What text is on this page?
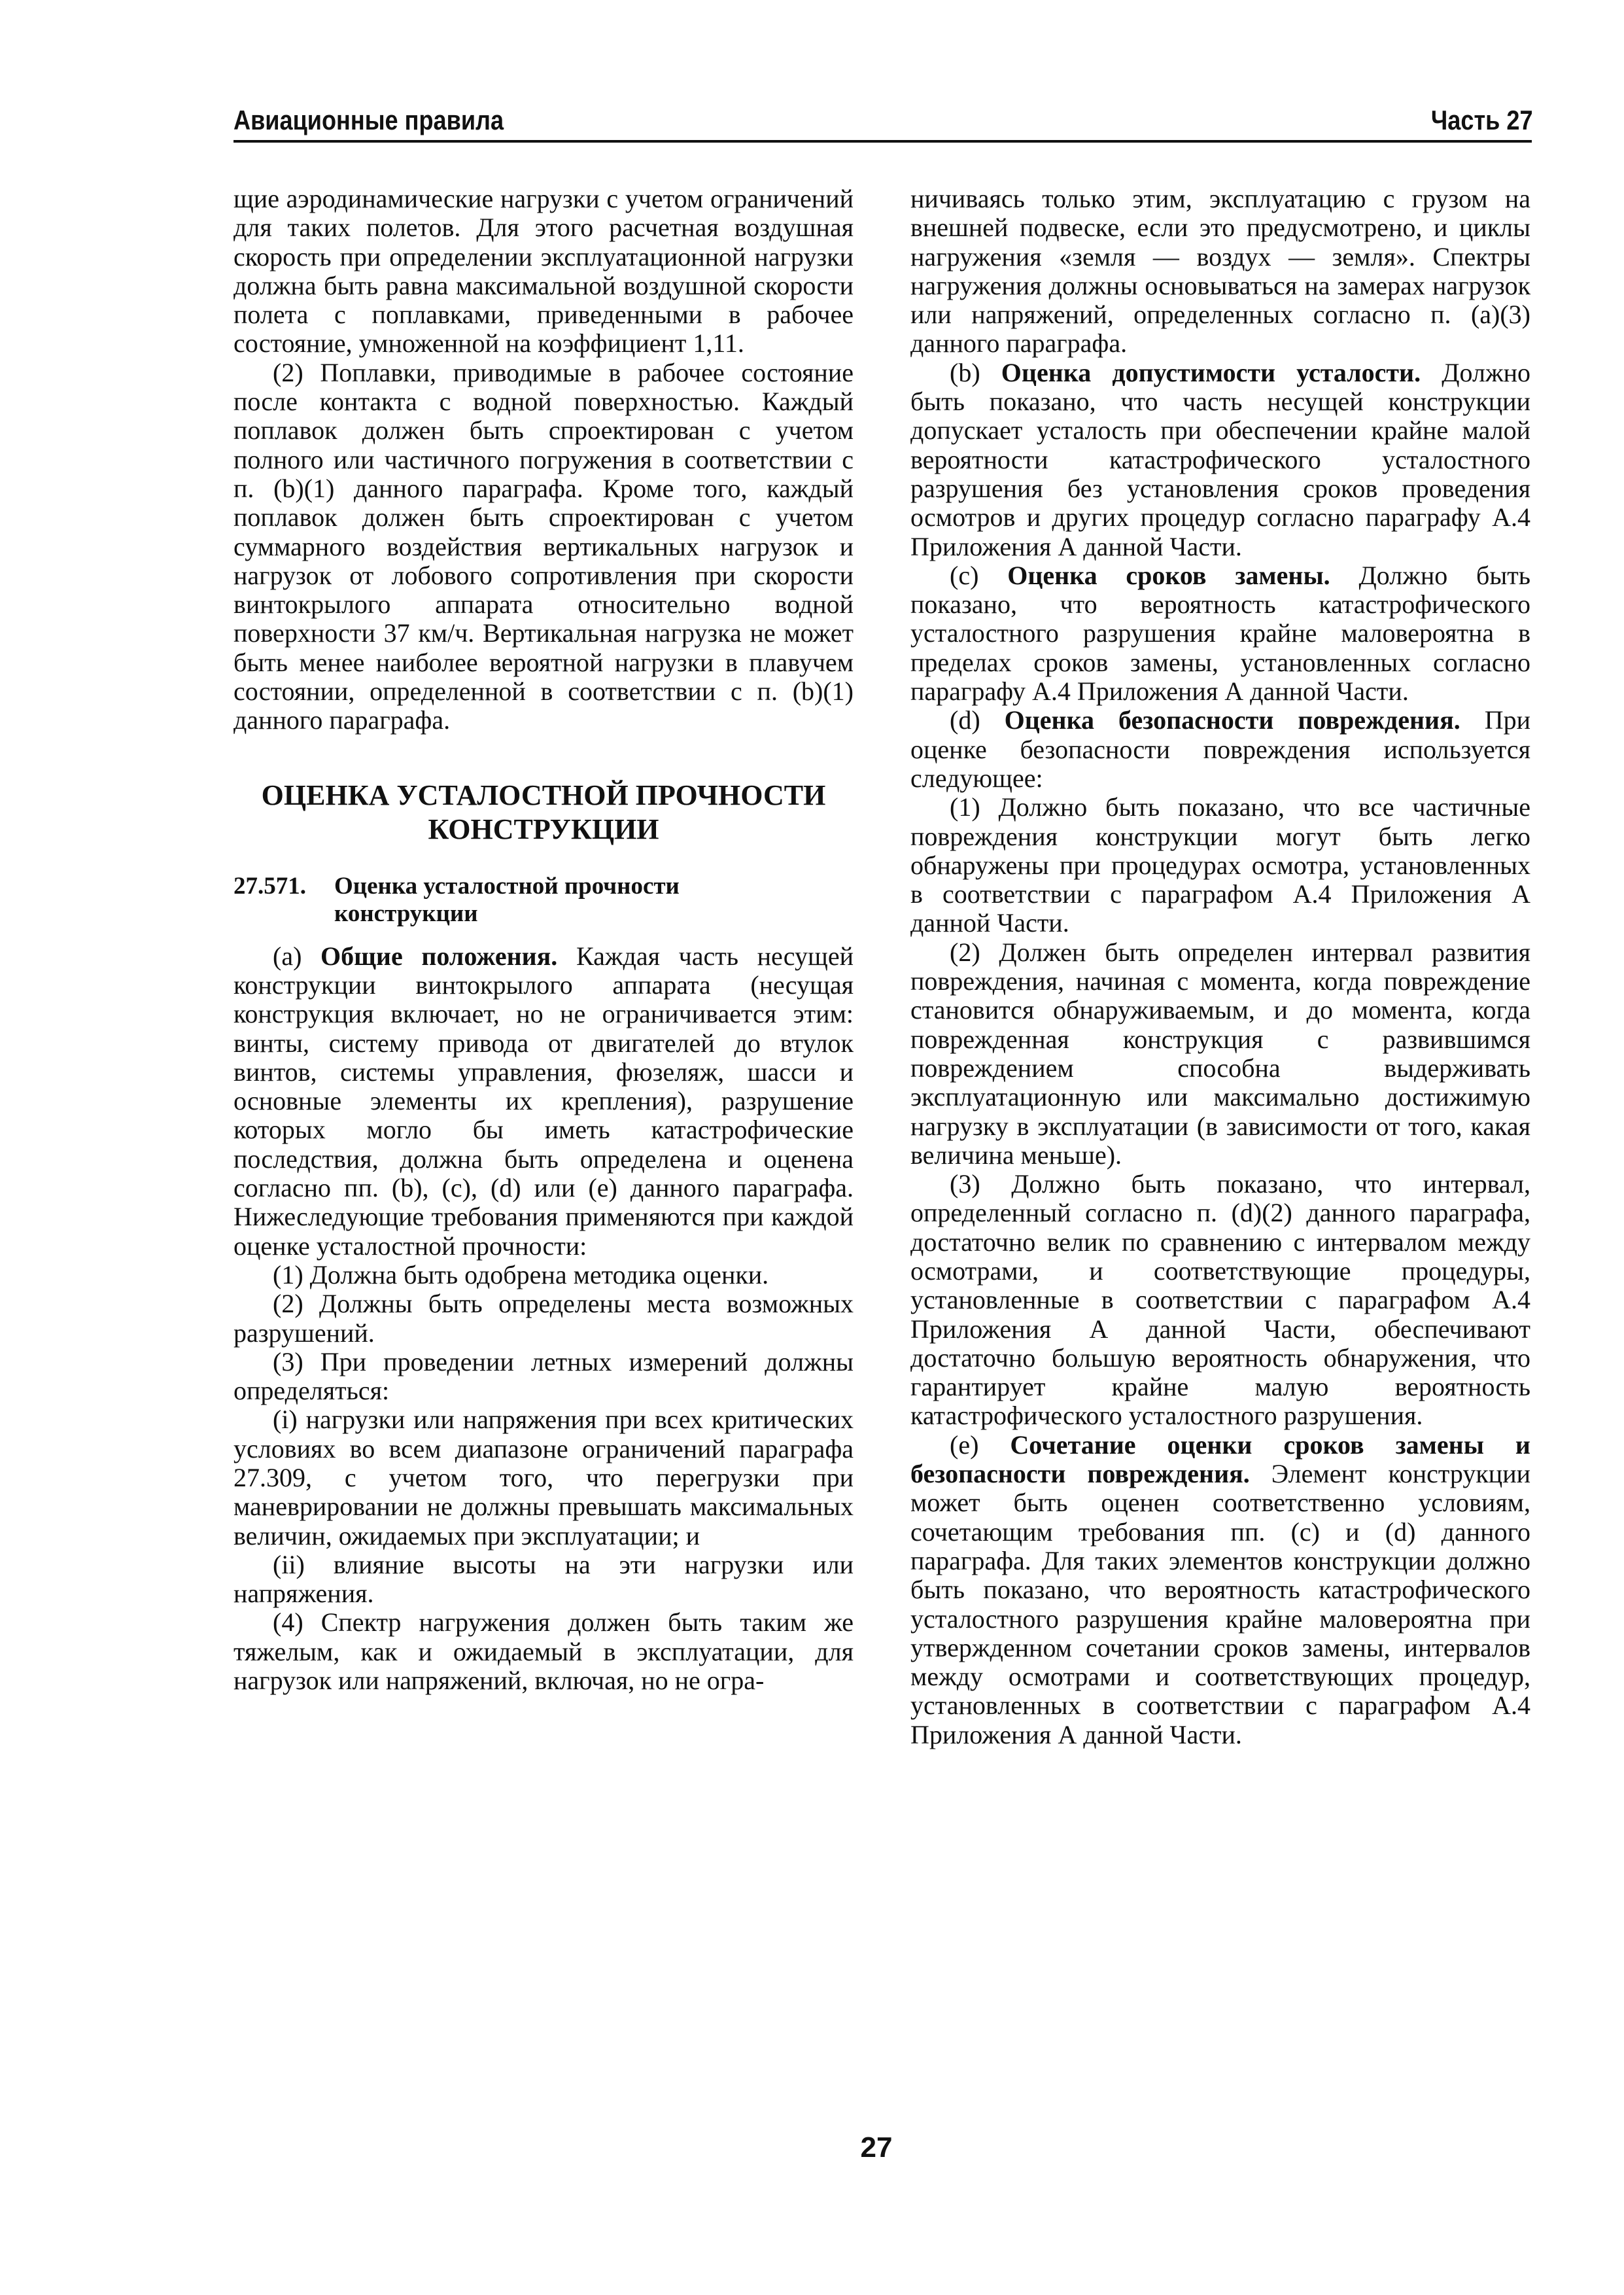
Авиационные правила	Часть 27

щие аэродинамические нагрузки с учетом ограничений для таких полетов. Для этого расчетная воздушная скорость при определении эксплуатационной нагрузки должна быть равна максимальной воздушной скорости полета с поплавками, приведенными в рабочее состояние, умноженной на коэффициент 1,11.

(2) Поплавки, приводимые в рабочее состояние после контакта с водной поверхностью. Каждый поплавок должен быть спроектирован с учетом полного или частичного погружения в соответствии с п. (b)(1) данного параграфа. Кроме того, каждый поплавок должен быть спроектирован с учетом суммарного воздействия вертикальных нагрузок и нагрузок от лобового сопротивления при скорости винтокрылого аппарата относительно водной поверхности 37 км/ч. Вертикальная нагрузка не может быть менее наиболее вероятной нагрузки в плавучем состоянии, определенной в соответствии с п. (b)(1) данного параграфа.

ОЦЕНКА УСТАЛОСТНОЙ ПРОЧНОСТИ
КОНСТРУКЦИИ
27.571.	Оценка усталостной прочности
конструкции

(a) Общие положения. Каждая часть несущей конструкции винтокрылого аппарата (несущая конструкция включает, но не ограничивается этим: винты, систему привода от двигателей до втулок винтов, системы управления, фюзеляж, шасси и основные элементы их крепления), разрушение которых могло бы иметь катастрофические последствия, должна быть определена и оценена согласно пп. (b), (c), (d) или (e) данного параграфа. Нижеследующие требования применяются при каждой оценке усталостной прочности:

(1) Должна быть одобрена методика оценки.

(2) Должны быть определены места возможных разрушений.

(3) При проведении летных измерений должны определяться:

(i) нагрузки или напряжения при всех критических условиях во всем диапазоне ограничений параграфа 27.309, с учетом того, что перегрузки при маневрировании не должны превышать максимальных величин, ожидаемых при эксплуатации; и

(ii) влияние высоты на эти нагрузки или напряжения.

(4) Спектр нагружения должен быть таким же тяжелым, как и ожидаемый в эксплуатации, для нагрузок или напряжений, включая, но не огра-

ничиваясь только этим, эксплуатацию с грузом на внешней подвеске, если это предусмотрено, и циклы нагружения «земля — воздух — земля». Спектры нагружения должны основываться на замерах нагрузок или напряжений, определенных согласно п. (a)(3) данного параграфа.

(b) Оценка допустимости усталости. Должно быть показано, что часть несущей конструкции допускает усталость при обеспечении крайне малой вероятности катастрофического усталостного разрушения без установления сроков проведения осмотров и других процедур согласно параграфу А.4 Приложения А данной Части.

(c) Оценка сроков замены. Должно быть показано, что вероятность катастрофического усталостного разрушения крайне маловероятна в пределах сроков замены, установленных согласно параграфу А.4 Приложения А данной Части.

(d) Оценка безопасности повреждения. При оценке безопасности повреждения используется следующее:

(1) Должно быть показано, что все частичные повреждения конструкции могут быть легко обнаружены при процедурах осмотра, установленных в соответствии с параграфом А.4 Приложения А данной Части.

(2) Должен быть определен интервал развития повреждения, начиная с момента, когда повреждение становится обнаруживаемым, и до момента, когда поврежденная конструкция с развившимся повреждением способна выдерживать эксплуатационную или максимально достижимую нагрузку в эксплуатации (в зависимости от того, какая величина меньше).

(3) Должно быть показано, что интервал, определенный согласно п. (d)(2) данного параграфа, достаточно велик по сравнению с интервалом между осмотрами, и соответствующие процедуры, установленные в соответствии с параграфом А.4 Приложения А данной Части, обеспечивают достаточно большую вероятность обнаружения, что гарантирует крайне малую вероятность катастрофического усталостного разрушения.

(e) Сочетание оценки сроков замены и безопасности повреждения. Элемент конструкции может быть оценен соответственно условиям, сочетающим требования пп. (c) и (d) данного параграфа. Для таких элементов конструкции должно быть показано, что вероятность катастрофического усталостного разрушения крайне маловероятна при утвержденном сочетании сроков замены, интервалов между осмотрами и соответствующих процедур, установленных в соответствии с параграфом А.4 Приложения А данной Части.

27
